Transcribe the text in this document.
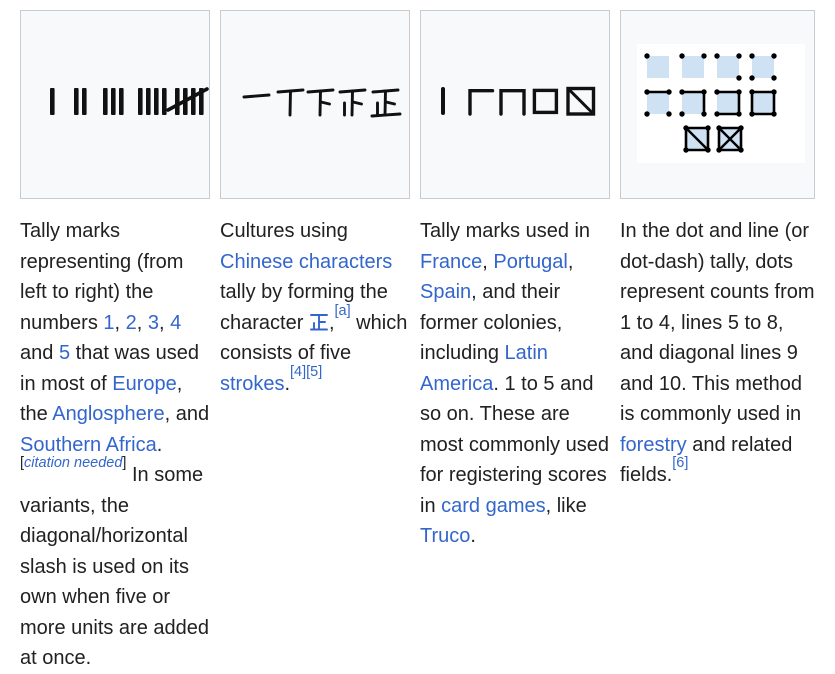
Tally marks
representing (from
left to right) the
numbers 1, 2, 3, 4
and 5 that was used
in most of Europe,
the Anglosphere, and
Southern Africa.
[citation needed] In some
variants, the
diagonal/horizontal
slash is used on its
own when five or
more units are added
at once.
Cultures using
Chinese characters
tally by forming the
character ,[a] which
consists of five
strokes.[4][5]
Tally marks used in
France, Portugal,
Spain, and their
former colonies,
including Latin
America. 1 to 5 and
so on. These are
most commonly used
for registering scores
in card games, like
Truco.
In the dot and line (or
dot-dash) tally, dots
represent counts from
1 to 4, lines 5 to 8,
and diagonal lines 9
and 10. This method
is commonly used in
forestry and related
fields.[6]
